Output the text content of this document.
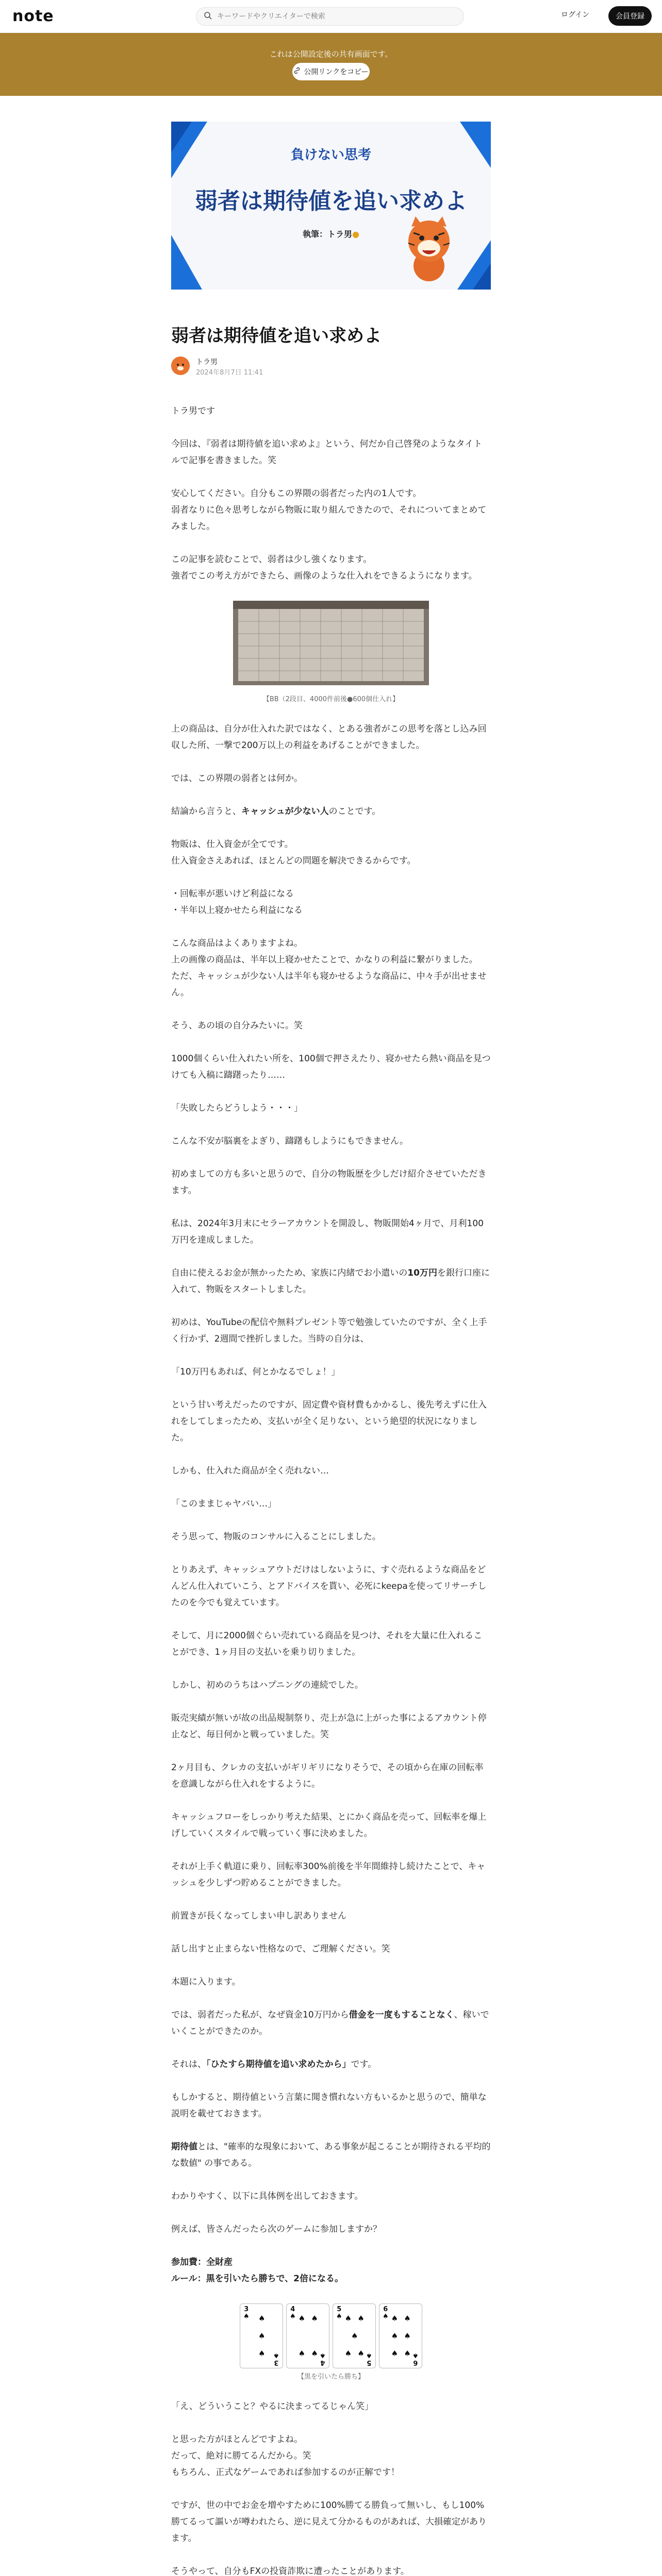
note
キーワードやクリエイターで検索	ログイン	会員登録
これは公開設定後の共有画面です。
公開リンクをコピー
負けない思考
弱者は期待値を追い求めよ
執筆：トラ男●
弱者は期待値を追い求めよ
トラ男
2024年8月7日 11:41

トラ男です

今回は、『弱者は期待値を追い求めよ』という、何だか自己啓発のようなタイトルで記事を書きました。笑

安心してください。自分もこの界隈の弱者だった内の1人です。

弱者なりに色々思考しながら物販に取り組んできたので、それについてまとめてみました。

この記事を読むことで、弱者は少し強くなります。

強者でこの考え方ができたら、画像のような仕入れをできるようになります。

【BB（2段目、4000件前後●600個仕入れ】

上の商品は、自分が仕入れた訳ではなく、とある強者がこの思考を落とし込み回収した所、一撃で200万以上の利益をあげることができました。

では、この界隈の弱者とは何か。

結論から言うと、キャッシュが少ない人のことです。

物販は、仕入資金が全てです。

仕入資金さえあれば、ほとんどの問題を解決できるからです。

・回転率が悪いけど利益になる

・半年以上寝かせたら利益になる

こんな商品はよくありますよね。

上の画像の商品は、半年以上寝かせたことで、かなりの利益に繋がりました。

ただ、キャッシュが少ない人は半年も寝かせるような商品に、中々手が出せません。

そう、あの頃の自分みたいに。笑

1000個くらい仕入れたい所を、100個で押さえたり、寝かせたら熱い商品を見つけても入稿に躊躇ったり……

「失敗したらどうしよう・・・」

こんな不安が脳裏をよぎり、躊躇もしようにもできません。

初めましての方も多いと思うので、自分の物販歴を少しだけ紹介させていただきます。

私は、2024年3月末にセラーアカウントを開設し、物販開始4ヶ月で、月利100万円を達成しました。

自由に使えるお金が無かったため、家族に内緒でお小遣いの10万円を銀行口座に入れて、物販をスタートしました。

初めは、YouTubeの配信や無料プレゼント等で勉強していたのですが、全く上手く行かず、2週間で挫折しました。当時の自分は、

「10万円もあれば、何とかなるでしょ！」

という甘い考えだったのですが、固定費や資材費もかかるし、後先考えずに仕入れをしてしまったため、支払いが全く足りない、という絶望的状況になりました。

しかも、仕入れた商品が全く売れない…

「このままじゃヤバい…」

そう思って、物販のコンサルに入ることにしました。

とりあえず、キャッシュアウトだけはしないように、すぐ売れるような商品をどんどん仕入れていこう、とアドバイスを貰い、必死にkeepaを使ってリサーチしたのを今でも覚えています。

そして、月に2000個ぐらい売れている商品を見つけ、それを大量に仕入れることができ、1ヶ月目の支払いを乗り切りました。

しかし、初めのうちはハプニングの連続でした。

販売実績が無いが故の出品規制祭り、売上が急に上がった事によるアカウント停止など、毎日何かと戦っていました。笑

2ヶ月目も、クレカの支払いがギリギリになりそうで、その頃から在庫の回転率を意識しながら仕入れをするように。

キャッシュフローをしっかり考えた結果、とにかく商品を売って、回転率を爆上げしていくスタイルで戦っていく事に決めました。

それが上手く軌道に乗り、回転率300%前後を半年間維持し続けたことで、キャッシュを少しずつ貯めることができました。

前置きが長くなってしまい申し訳ありません

話し出すと止まらない性格なので、ご理解ください。笑

本題に入ります。

では、弱者だった私が、なぜ資金10万円から借金を一度もすることなく、稼いでいくことができたのか。

それは、「ひたすら期待値を追い求めたから」です。

もしかすると、期待値という言葉に聞き慣れない方もいるかと思うので、簡単な説明を載せておきます。

期待値とは、"確率的な現象において、ある事象が起こることが期待される平均的な数値" の事である。

わかりやすく、以下に具体例を出しておきます。

例えば、皆さんだったら次のゲームに参加しますか？

参加費：全財産

ルール：黒を引いたら勝ちで、2倍になる。

3
♠
3
♠
♠
♠
♠
4
♠
4
♠
♠ ♠
♠ ♠
5
♠
5
♠
♠ ♠
♠
♠ ♠
6
♠
6
♠
♠ ♠
♠ ♠
♠ ♠
【黒を引いたら勝ち】

「え、どういうこと？やるに決まってるじゃん笑」

と思った方がほとんどですよね。

だって、絶対に勝てるんだから。笑

もちろん、正式なゲームであれば参加するのが正解です！

ですが、世の中でお金を増やすために100%勝てる勝負って無いし、もし100%勝てるって謳いが噂われたら、逆に見えて分かるものがあれば、大損確定があります。

そうやって、自分もFXの投資詐欺に遭ったことがあります。
